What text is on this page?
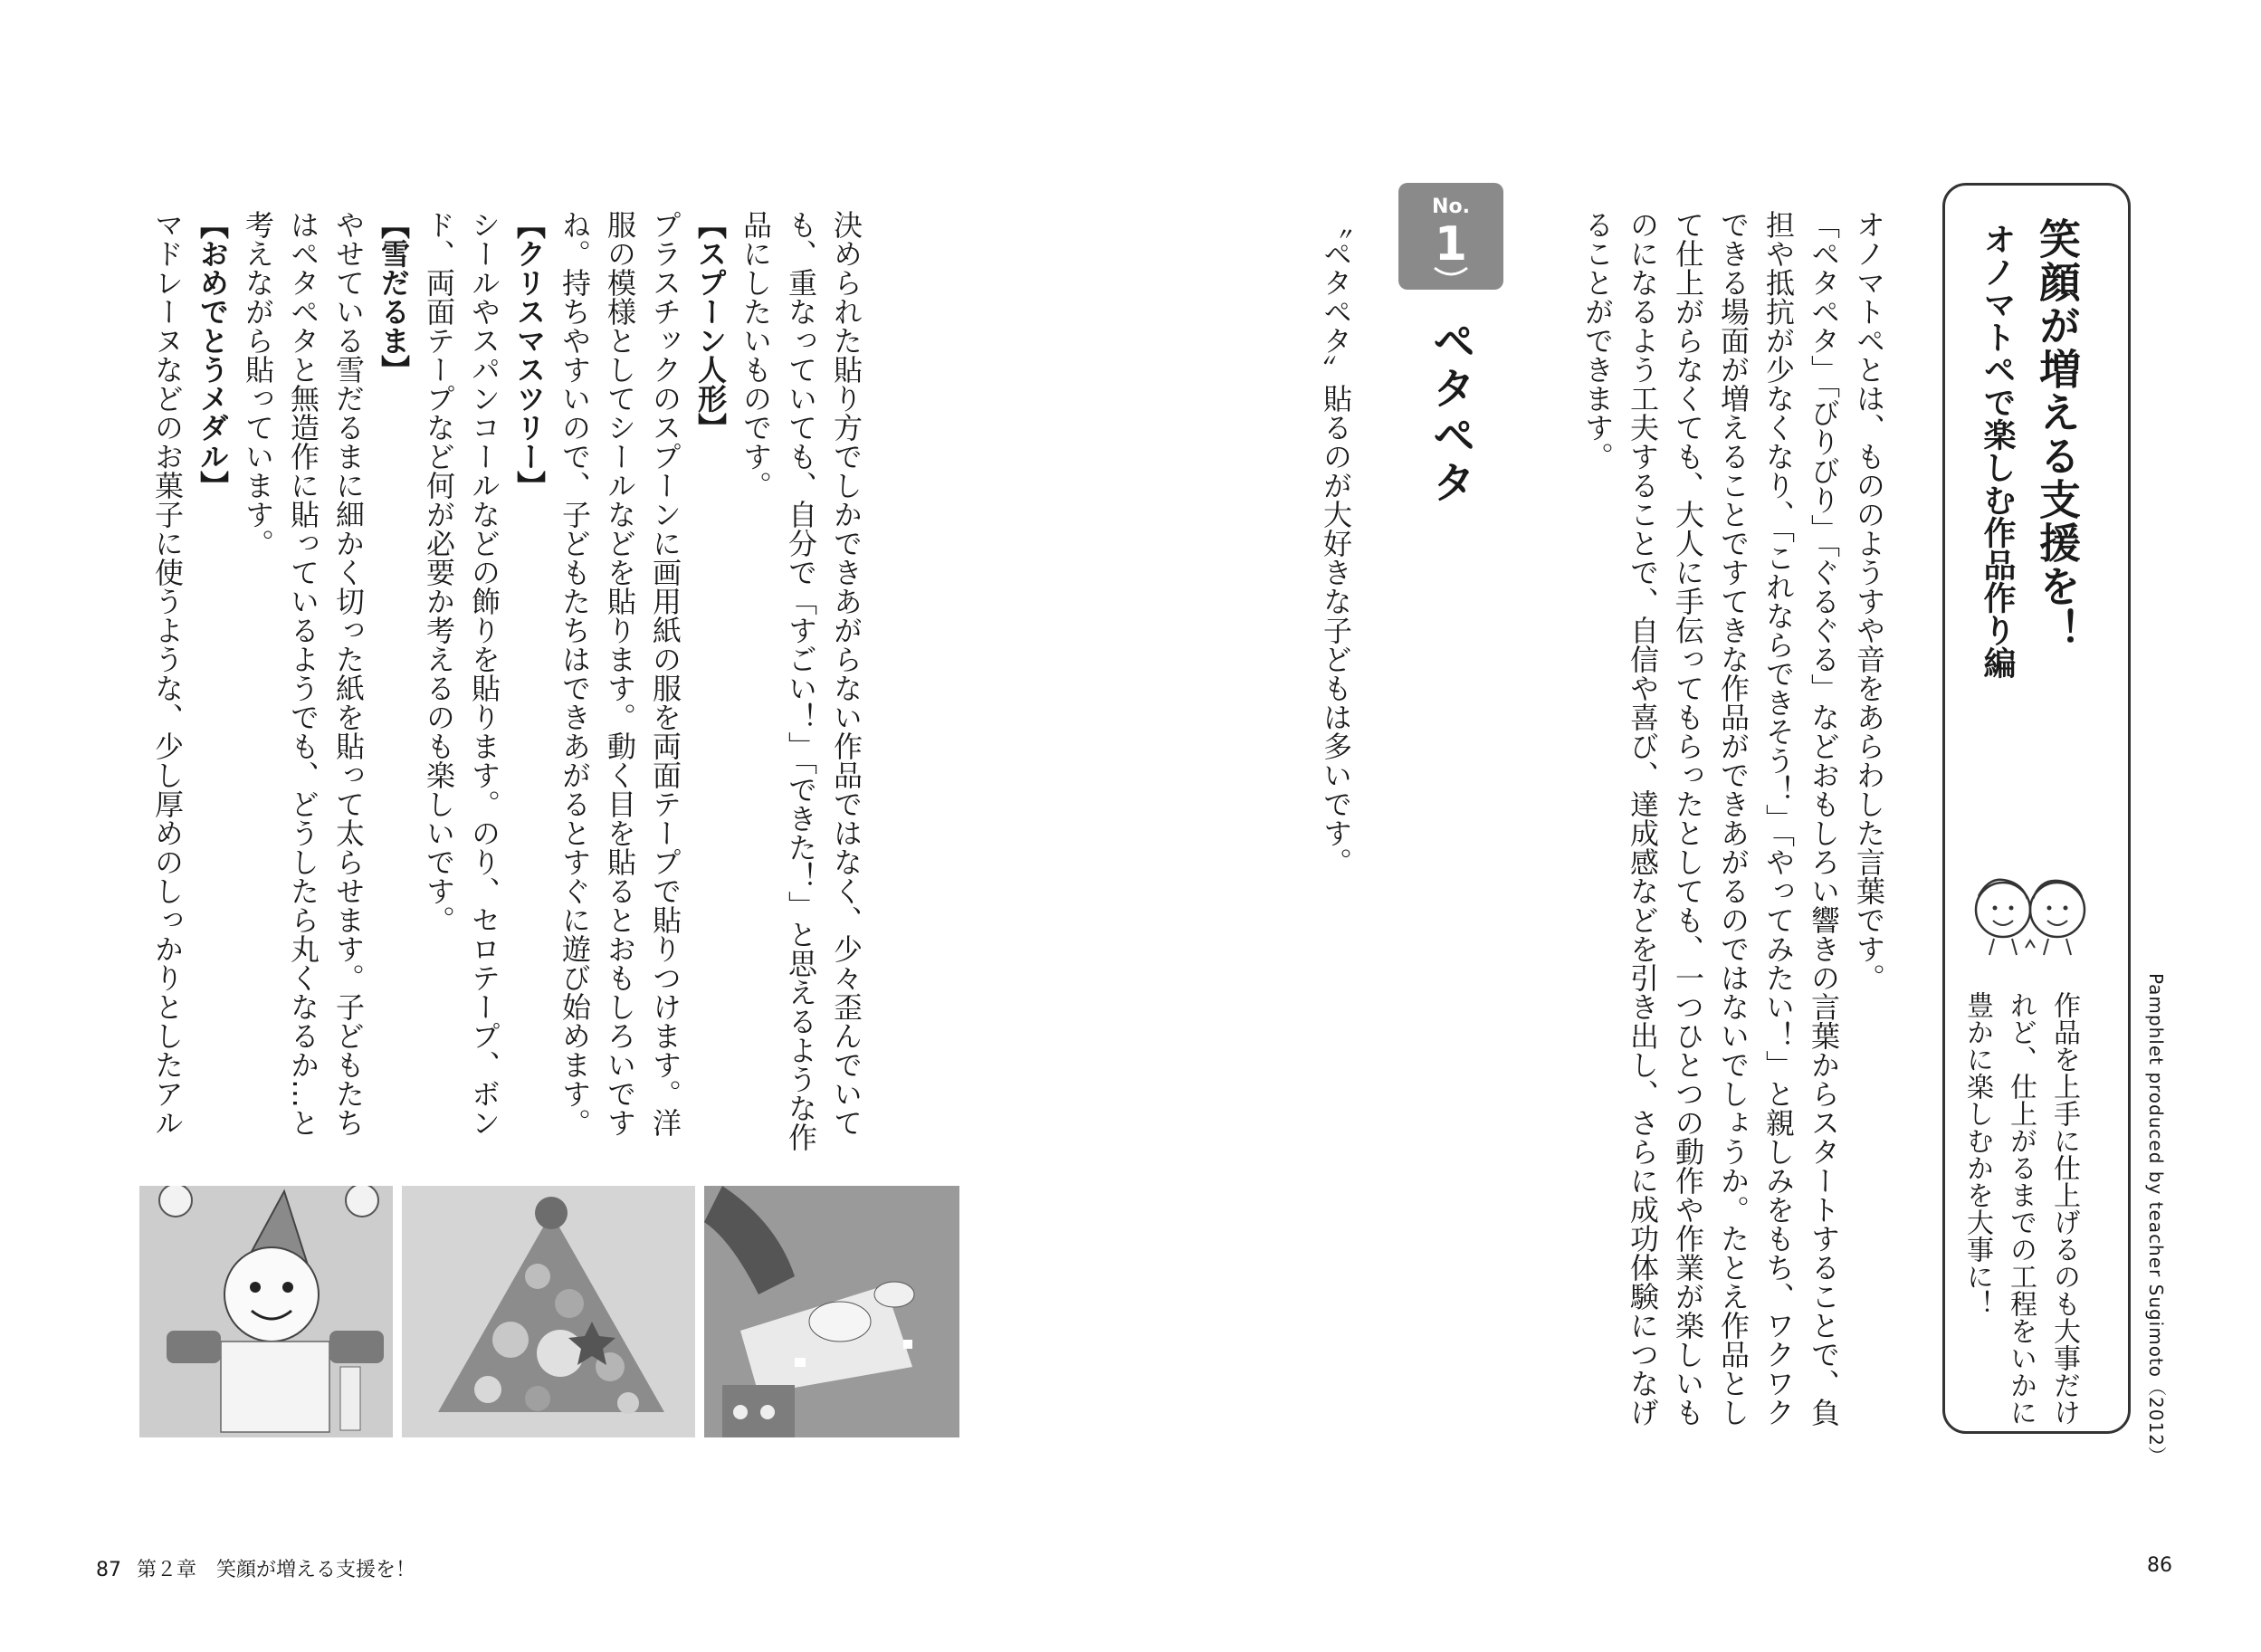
笑顔が増える支援を！
オノマトペで楽しむ作品作り編
作品を上手に仕上げるのも大事だけれど、仕上がるまでの工程をいかに豊かに楽しむかを大事に！	Pamphlet produced by teacher Sugimoto（2012）
オノマトペとは、もののようすや音をあらわした言葉です。
「ペタペタ」「びりびり」「ぐるぐる」などおもしろい響きの言葉からスタートすることで、負担や抵抗が少なくなり、「これならできそう！」「やってみたい！」と親しみをもち、ワクワクできる場面が増えることですてきな作品ができあがるのではないでしょうか。たとえ作品として仕上がらなくても、大人に手伝ってもらったとしても、一つひとつの動作や作業が楽しいものになるよう工夫することで、自信や喜び、達成感などを引き出し、さらに成功体験につなげることができます。
No.
1
ペタペタ
〝ペタペタ〟貼るのが大好きな子どもは多いです。
決められた貼り方でしかできあがらない作品ではなく、少々歪んでいても、重なっていても、自分で「すごい！」「できた！」と思えるような作品にしたいものです。
【スプーン人形】
プラスチックのスプーンに画用紙の服を両面テープで貼りつけます。洋服の模様としてシールなどを貼ります。動く目を貼るとおもしろいですね。持ちやすいので、子どもたちはできあがるとすぐに遊び始めます。
【クリスマスツリー】
シールやスパンコールなどの飾りを貼ります。のり、セロテープ、ボンド、両面テープなど何が必要か考えるのも楽しいです。
【雪だるま】
やせている雪だるまに細かく切った紙を貼って太らせます。子どもたちはペタペタと無造作に貼っているようでも、どうしたら丸くなるか…と考えながら貼っています。
【おめでとうメダル】
マドレーヌなどのお菓子に使うような、少し厚めのしっかりとしたアル
87 第２章　笑顔が増える支援を！	86
